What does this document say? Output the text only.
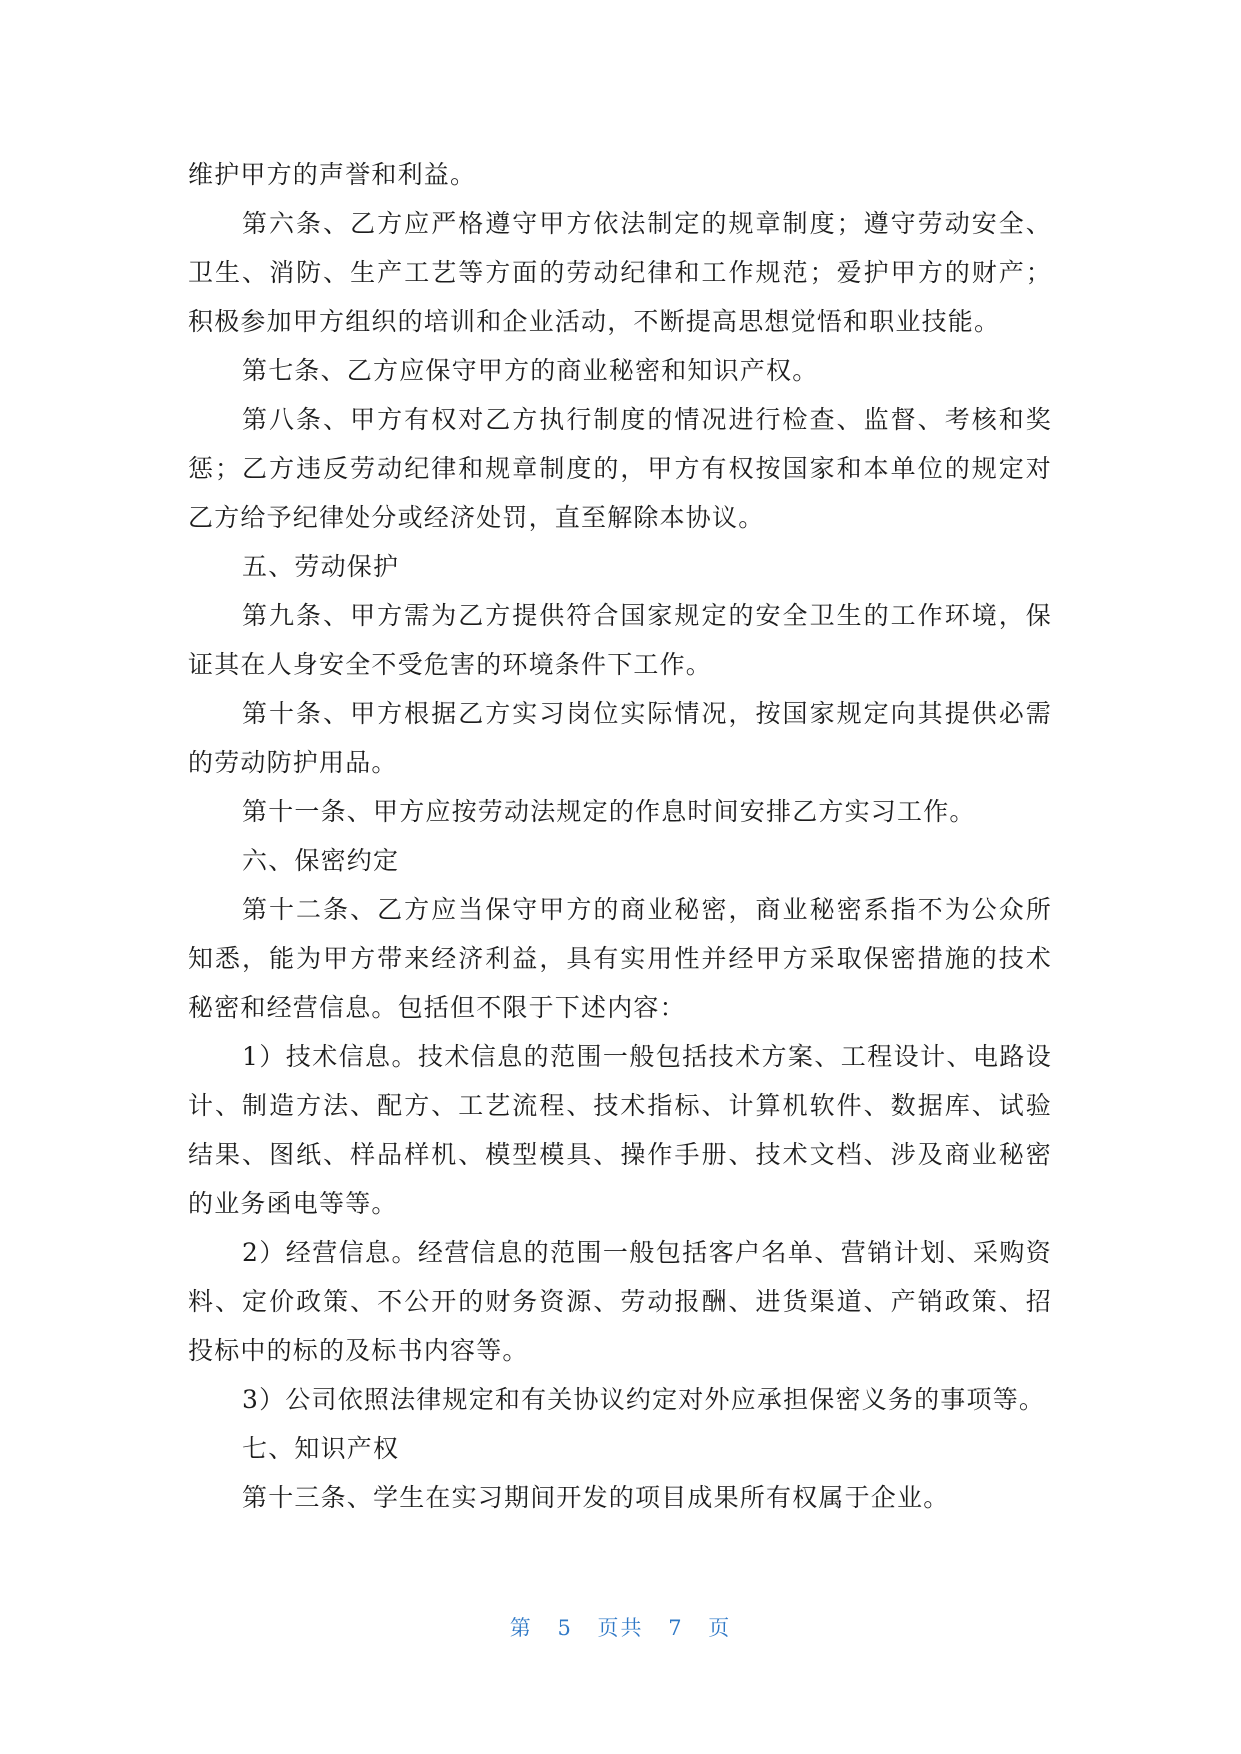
维护甲方的声誉和利益。

第六条、乙方应严格遵守甲方依法制定的规章制度；遵守劳动安全、卫生、消防、生产工艺等方面的劳动纪律和工作规范；爱护甲方的财产；积极参加甲方组织的培训和企业活动，不断提高思想觉悟和职业技能。

第七条、乙方应保守甲方的商业秘密和知识产权。

第八条、甲方有权对乙方执行制度的情况进行检查、监督、考核和奖惩；乙方违反劳动纪律和规章制度的，甲方有权按国家和本单位的规定对乙方给予纪律处分或经济处罚，直至解除本协议。

五、劳动保护

第九条、甲方需为乙方提供符合国家规定的安全卫生的工作环境，保证其在人身安全不受危害的环境条件下工作。

第十条、甲方根据乙方实习岗位实际情况，按国家规定向其提供必需的劳动防护用品。

第十一条、甲方应按劳动法规定的作息时间安排乙方实习工作。

六、保密约定

第十二条、乙方应当保守甲方的商业秘密，商业秘密系指不为公众所知悉，能为甲方带来经济利益，具有实用性并经甲方采取保密措施的技术秘密和经营信息。包括但不限于下述内容：

1）技术信息。技术信息的范围一般包括技术方案、工程设计、电路设计、制造方法、配方、工艺流程、技术指标、计算机软件、数据库、试验结果、图纸、样品样机、模型模具、操作手册、技术文档、涉及商业秘密的业务函电等等。

2）经营信息。经营信息的范围一般包括客户名单、营销计划、采购资料、定价政策、不公开的财务资源、劳动报酬、进货渠道、产销政策、招投标中的标的及标书内容等。

3）公司依照法律规定和有关协议约定对外应承担保密义务的事项等。

七、知识产权

第十三条、学生在实习期间开发的项目成果所有权属于企业。

第 5 页共 7 页
